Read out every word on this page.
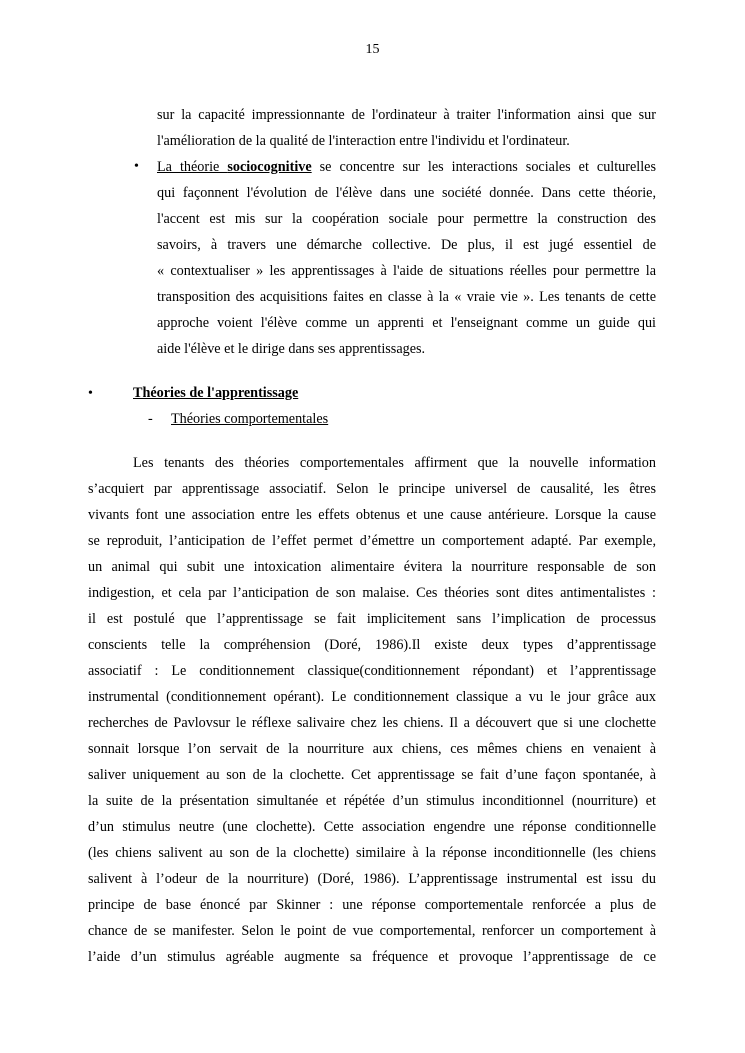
15
sur la capacité impressionnante de l'ordinateur à traiter l'information ainsi que sur
l'amélioration de la qualité de l'interaction entre l'individu et l'ordinateur.
• La théorie sociocognitive se concentre sur les interactions sociales et culturelles
qui façonnent l'évolution de l'élève dans une société donnée. Dans cette théorie,
l'accent est mis sur la coopération sociale pour permettre la construction des
savoirs, à travers une démarche collective. De plus, il est jugé essentiel de
« contextualiser » les apprentissages à l'aide de situations réelles pour permettre la
transposition des acquisitions faites en classe à la « vraie vie ». Les tenants de cette
approche voient l'élève comme un apprenti et l'enseignant comme un guide qui
aide l'élève et le dirige dans ses apprentissages.
•	Théories de l'apprentissage
- Théories comportementales
Les tenants des théories comportementales affirment que la nouvelle information
s’acquiert par apprentissage associatif. Selon le principe universel de causalité, les êtres
vivants font une association entre les effets obtenus et une cause antérieure. Lorsque la cause
se reproduit, l’anticipation de l’effet permet d’émettre un comportement adapté. Par exemple,
un animal qui subit une intoxication alimentaire évitera la nourriture responsable de son
indigestion, et cela par l’anticipation de son malaise. Ces théories sont dites antimentalistes :
il est postulé que l’apprentissage se fait implicitement sans l’implication de processus
conscients telle la compréhension (Doré, 1986).Il existe deux types d’apprentissage
associatif : Le conditionnement classique(conditionnement répondant) et l’apprentissage
instrumental (conditionnement opérant). Le conditionnement classique a vu le jour grâce aux
recherches de Pavlovsur le réflexe salivaire chez les chiens. Il a découvert que si une clochette
sonnait lorsque l’on servait de la nourriture aux chiens, ces mêmes chiens en venaient à
saliver uniquement au son de la clochette. Cet apprentissage se fait d’une façon spontanée, à
la suite de la présentation simultanée et répétée d’un stimulus inconditionnel (nourriture) et
d’un stimulus neutre (une clochette). Cette association engendre une réponse conditionnelle
(les chiens salivent au son de la clochette) similaire à la réponse inconditionnelle (les chiens
salivent à l’odeur de la nourriture) (Doré, 1986). L’apprentissage instrumental est issu du
principe de base énoncé par Skinner : une réponse comportementale renforcée a plus de
chance de se manifester. Selon le point de vue comportemental, renforcer un comportement à
l’aide d’un stimulus agréable augmente sa fréquence et provoque l’apprentissage de ce
